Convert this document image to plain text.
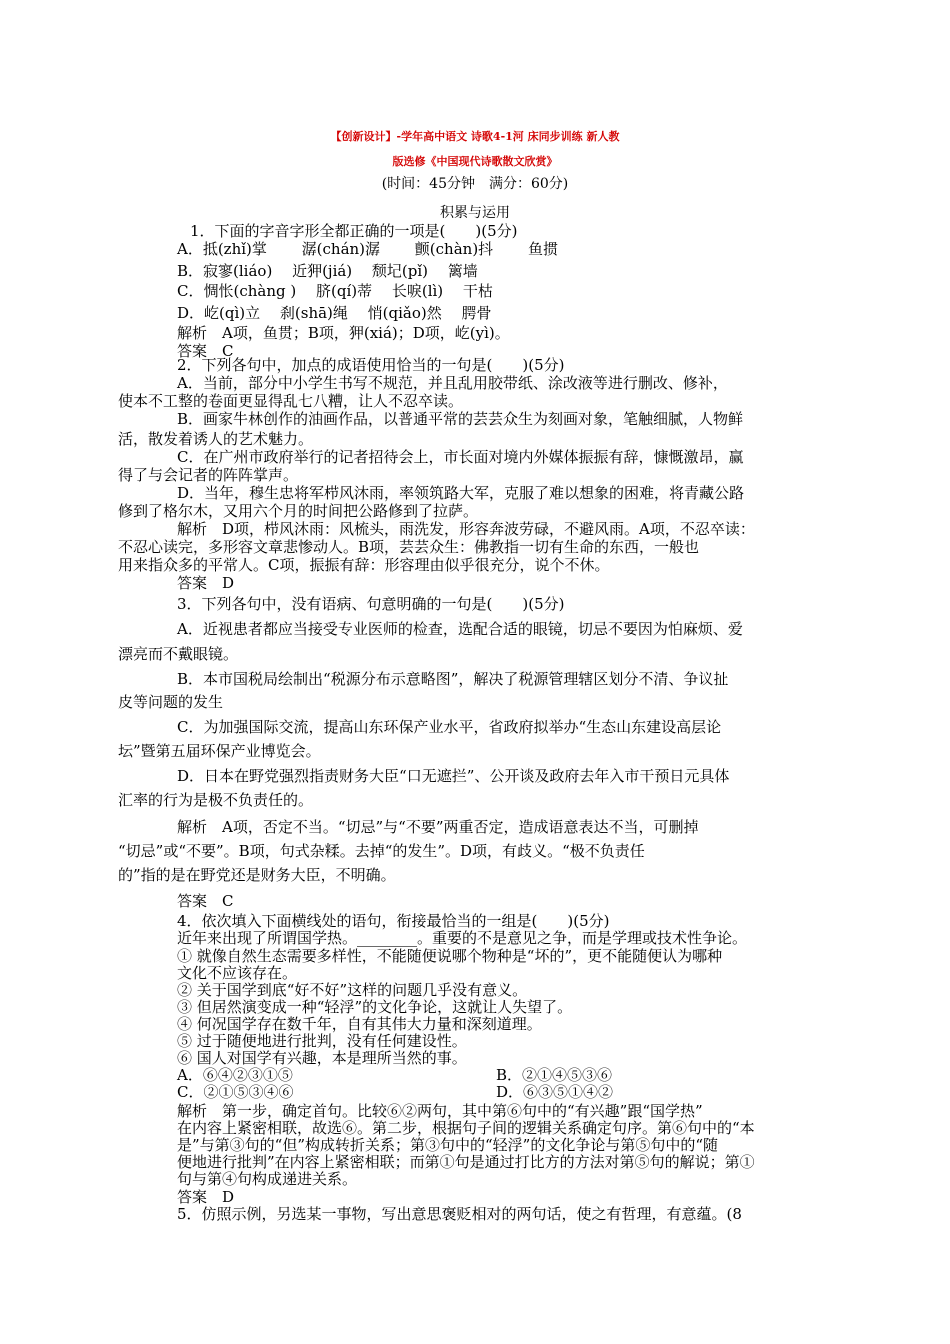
【创新设计】-学年高中语文 诗歌4-1河 床同步训练 新人教
版选修《中国现代诗歌散文欣赏》
(时间：45分钟　满分：60分)
积累与运用
1．下面的字音字形全都正确的一项是(　　)(5分)
A．抵(zhǐ)掌　　 潺(chán)潺　　 颤(chàn)抖　　 鱼掼
B．寂寥(liáo)　 近狎(jiá)　 颓圮(pǐ)　 篱墙
C．惆怅(chàng )　 脐(qí)蒂　 长唳(lì)　 干枯
D．屹(qì)立　 刹(shā)绳　 悄(qiǎo)然　 腭骨
解析　A项，鱼贯；B项，狎(xiá)；D项，屹(yì)。
答案　C
2．下列各句中，加点的成语使用恰当的一句是(　　)(5分)
A．当前，部分中小学生书写不规范，并且乱用胶带纸、涂改液等进行删改、修补，
使本不工整的卷面更显得乱七八糟，让人不忍卒读。
B．画家牛林创作的油画作品，以普通平常的芸芸众生为刻画对象，笔触细腻，人物鲜
活，散发着诱人的艺术魅力。
C．在广州市政府举行的记者招待会上，市长面对境内外媒体振振有辞，慷慨激昂，赢
得了与会记者的阵阵掌声。
D．当年，穆生忠将军栉风沐雨，率领筑路大军，克服了难以想象的困难，将青藏公路
修到了格尔木，又用六个月的时间把公路修到了拉萨。
解析　D项，栉风沐雨：风梳头，雨洗发，形容奔波劳碌，不避风雨。A项，不忍卒读：
不忍心读完，多形容文章悲惨动人。B项，芸芸众生：佛教指一切有生命的东西，一般也
用来指众多的平常人。C项，振振有辞：形容理由似乎很充分，说个不休。
答案　D
3．下列各句中，没有语病、句意明确的一句是(　　)(5分)
A．近视患者都应当接受专业医师的检查，选配合适的眼镜，切忌不要因为怕麻烦、爱
漂亮而不戴眼镜。
B．本市国税局绘制出“税源分布示意略图”，解决了税源管理辖区划分不清、争议扯
皮等问题的发生
C．为加强国际交流，提高山东环保产业水平，省政府拟举办“生态山东建设高层论
坛”暨第五届环保产业博览会。
D．日本在野党强烈指责财务大臣“口无遮拦”、公开谈及政府去年入市干预日元具体
汇率的行为是极不负责任的。
解析　A项，否定不当。“切忌”与“不要”两重否定，造成语意表达不当，可删掉
“切忌”或“不要”。B项，句式杂糅。去掉“的发生”。D项，有歧义。“极不负责任
的”指的是在野党还是财务大臣，不明确。
答案　C
4．依次填入下面横线处的语句，衔接最恰当的一组是(　　)(5分)
近年来出现了所谓国学热。________。重要的不是意见之争，而是学理或技术性争论。
① 就像自然生态需要多样性，不能随便说哪个物种是“坏的”，更不能随便认为哪种
文化不应该存在。
② 关于国学到底“好不好”这样的问题几乎没有意义。
③ 但居然演变成一种“轻浮”的文化争论，这就让人失望了。
④ 何况国学存在数千年，自有其伟大力量和深刻道理。
⑤ 过于随便地进行批判，没有任何建设性。
⑥ 国人对国学有兴趣，本是理所当然的事。
A．⑥④②③①⑤	B．②①④⑤③⑥
C．②①⑤③④⑥	D．⑥③⑤①④②
解析　第一步，确定首句。比较⑥②两句，其中第⑥句中的“有兴趣”跟“国学热”
在内容上紧密相联，故选⑥。第二步，根据句子间的逻辑关系确定句序。第⑥句中的“本
是”与第③句的“但”构成转折关系；第③句中的“轻浮”的文化争论与第⑤句中的“随
便地进行批判”在内容上紧密相联；而第①句是通过打比方的方法对第⑤句的解说；第①
句与第④句构成递进关系。
答案　D
5．仿照示例，另选某一事物，写出意思褒贬相对的两句话，使之有哲理，有意蕴。(8
